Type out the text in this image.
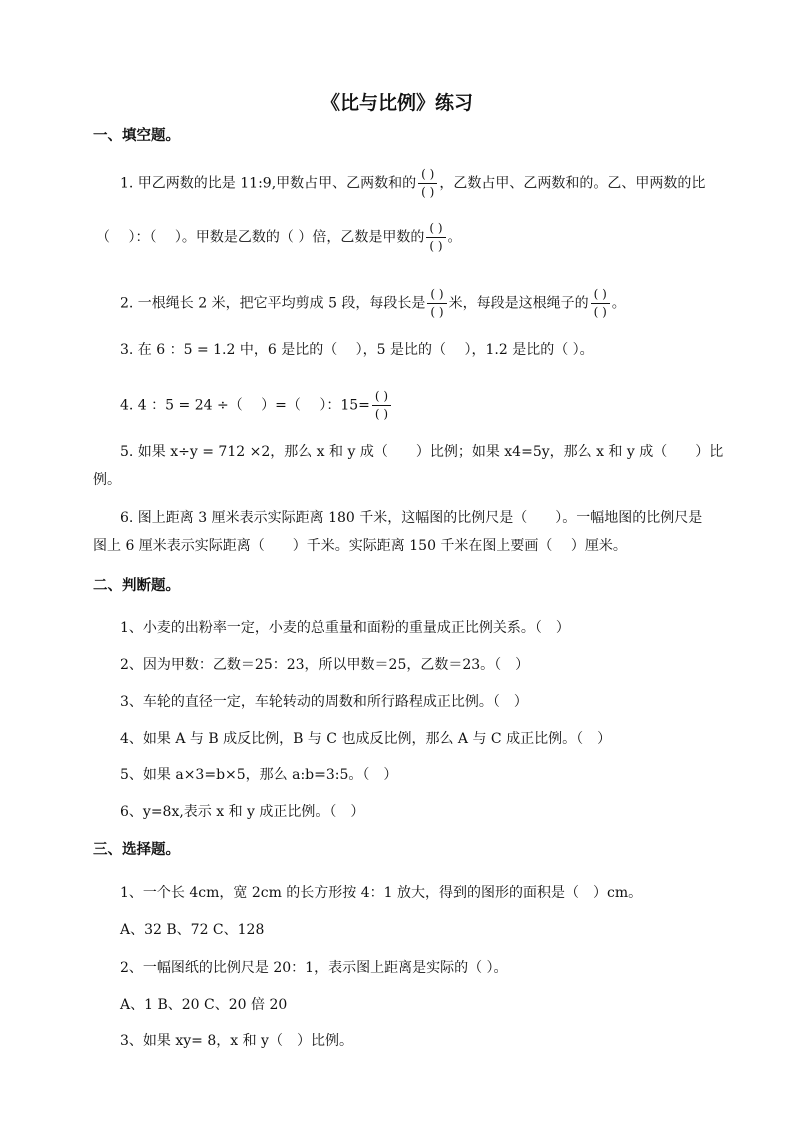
《比与比例》练习
一、填空题。
1. 甲乙两数的比是 11:9,甲数占甲、乙两数和的 $\frac{( )}{( )}$ ，乙数占甲、乙两数和的。乙、甲两数的比
（　 ）：（　 ）。甲数是乙数的（ ）倍，乙数是甲数的 $\frac{( )}{( )}$ 。
2. 一根绳长 2 米，把它平均剪成 5 段，每段长是 $\frac{( )}{( )}$ 米，每段是这根绳子的 $\frac{( )}{( )}$ 。
3. 在 6 ：5 = 1.2 中，6 是比的（　 ），5 是比的（　 ），1.2 是比的（ ）。
4. 4 ：5 = 24 ÷（　 ）=（　 ）：$15= \frac{( )}{( )}$
5. 如果 x÷y = 712 ×2，那么 x 和 y 成（　　）比例；如果 x4=5y，那么 x 和 y 成（　　）比
例。
6. 图上距离 3 厘米表示实际距离 180 千米，这幅图的比例尺是（　　）。一幅地图的比例尺是
图上 6 厘米表示实际距离（　　）千米。实际距离 150 千米在图上要画（　 ）厘米。
二、判断题。
1、小麦的出粉率一定，小麦的总重量和面粉的重量成正比例关系。（　）
2、因为甲数：乙数＝25：23，所以甲数＝25，乙数＝23。（　）
3、车轮的直径一定，车轮转动的周数和所行路程成正比例。（　）
4、如果 A 与 B 成反比例，B 与 C 也成反比例，那么 A 与 C 成正比例。（　）
5、如果 a×3=b×5，那么 a:b=3:5。（　）
6、y=8x,表示 x 和 y 成正比例。（　）
三、选择题。
1、一个长 4cm，宽 2cm 的长方形按 4：1 放大，得到的图形的面积是（　）cm。
A、32 B、72 C、128
2、一幅图纸的比例尺是 20：1，表示图上距离是实际的（ ）。
A、1 B、20 C、20 倍 20
3、如果 xy= 8，x 和 y（　）比例。
